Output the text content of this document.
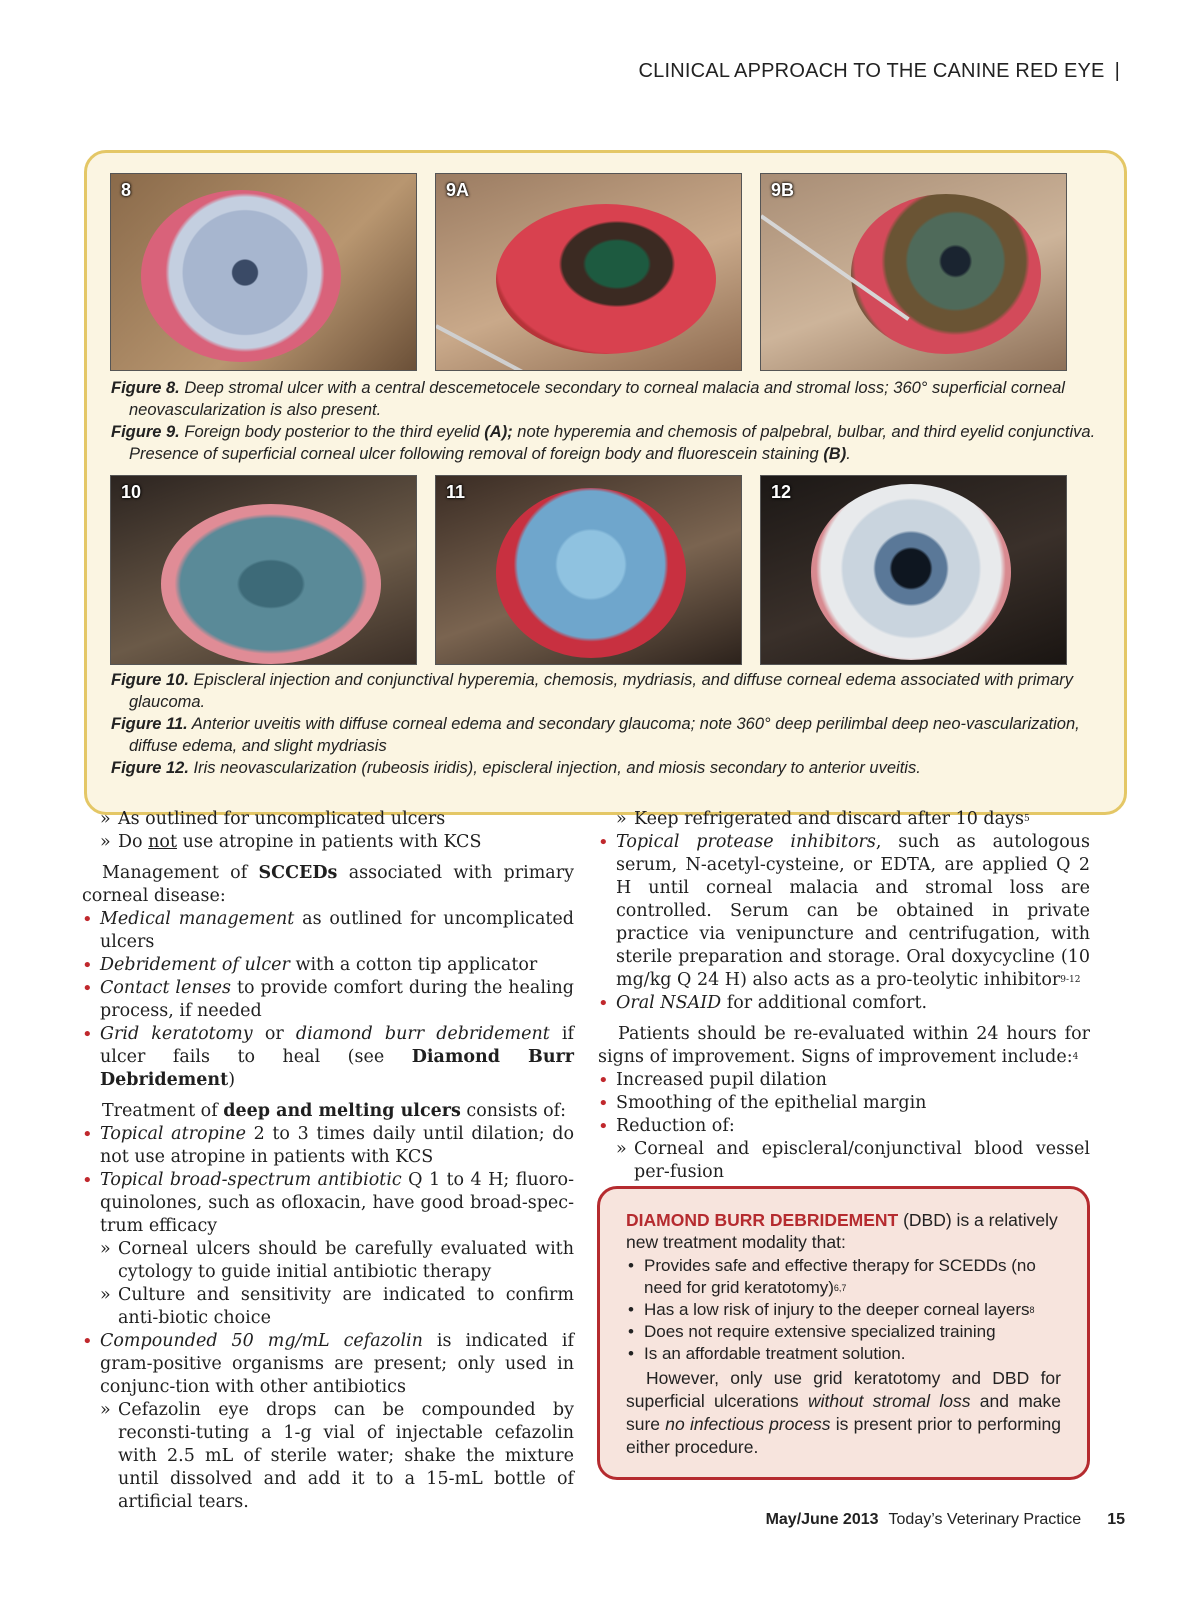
CLINICAL APPROACH TO THE CANINE RED EYE |
8	9A	9B

Figure 8. Deep stromal ulcer with a central descemetocele secondary to corneal malacia and stromal loss; 360° superficial corneal neovascularization is also present.

Figure 9. Foreign body posterior to the third eyelid (A); note hyperemia and chemosis of palpebral, bulbar, and third eyelid conjunctiva. Presence of superficial corneal ulcer following removal of foreign body and fluorescein staining (B).

10	11	12

Figure 10. Episcleral injection and conjunctival hyperemia, chemosis, mydriasis, and diffuse corneal edema associated with primary glaucoma.

Figure 11. Anterior uveitis with diffuse corneal edema and secondary glaucoma; note 360° deep perilimbal deep neo-vascularization, diffuse edema, and slight mydriasis

Figure 12. Iris neovascularization (rubeosis iridis), episcleral injection, and miosis secondary to anterior uveitis.

» As outlined for uncomplicated ulcers
» Do not use atropine in patients with KCS

Management of SCCEDs associated with primary corneal disease:

• Medical management as outlined for uncomplicated ulcers

• Debridement of ulcer with a cotton tip applicator

• Contact lenses to provide comfort during the healing process, if needed

• Grid keratotomy or diamond burr debridement if ulcer fails to heal (see Diamond Burr Debridement)

Treatment of deep and melting ulcers consists of:

• Topical atropine 2 to 3 times daily until dilation; do not use atropine in patients with KCS

• Topical broad-spectrum antibiotic Q 1 to 4 H; fluoro-quinolones, such as ofloxacin, have good broad-spec-trum efficacy

» Corneal ulcers should be carefully evaluated with cytology to guide initial antibiotic therapy

» Culture and sensitivity are indicated to confirm anti-biotic choice

• Compounded 50 mg/mL cefazolin is indicated if gram-positive organisms are present; only used in conjunc-tion with other antibiotics

» Cefazolin eye drops can be compounded by reconsti-tuting a 1-g vial of injectable cefazolin with 2.5 mL of sterile water; shake the mixture until dissolved and add it to a 15-mL bottle of artificial tears.

» Keep refrigerated and discard after 10 days$^5$

• Topical protease inhibitors, such as autologous serum, N-acetyl-cysteine, or EDTA, are applied Q 2 H until corneal malacia and stromal loss are controlled. Serum can be obtained in private practice via venipuncture and centrifugation, with sterile preparation and storage. Oral doxycycline (10 mg/kg Q 24 H) also acts as a pro-teolytic inhibitor$^{9-12}$

• Oral NSAID for additional comfort.

Patients should be re-evaluated within 24 hours for signs of improvement. Signs of improvement include:$^4$

• Increased pupil dilation

• Smoothing of the epithelial margin

• Reduction of:

» Corneal and episcleral/conjunctival blood vessel per-fusion

DIAMOND BURR DEBRIDEMENT (DBD) is a relatively new treatment modality that:
• Provides safe and effective therapy for SCEDDs (no need for grid keratotomy)$^{6,7}$
• Has a low risk of injury to the deeper corneal layers$^8$
• Does not require extensive specialized training
• Is an affordable treatment solution.

However, only use grid keratotomy and DBD for superficial ulcerations without stromal loss and make sure no infectious process is present prior to performing either procedure.

May/June 2013 Today’s Veterinary Practice 15
